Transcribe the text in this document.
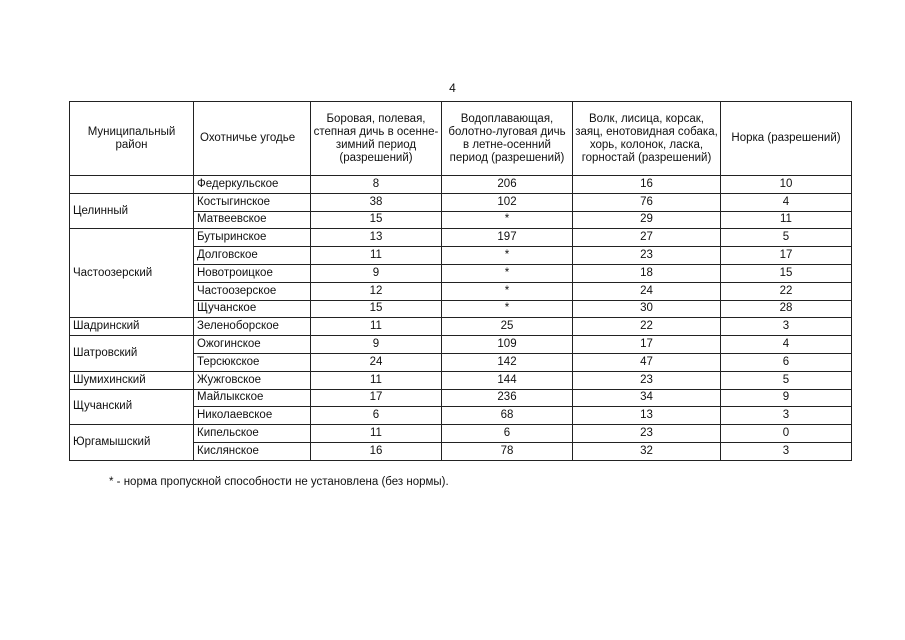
4
Муниципальный район	Охотничье угодье	Боровая, полевая, степная дичь в осенне-зимний период (разрешений)	Водоплавающая, болотно-луговая дичь в летне-осенний период (разрешений)	Волк, лисица, корсак, заяц, енотовидная собака, хорь, колонок, ласка, горностай (разрешений)	Норка (разрешений)
	Федеркульское	8	206	16	10
Целинный	Костыгинское	38	102	76	4
	Матвеевское	15	*	29	11
Частоозерский	Бутыринское	13	197	27	5
	Долговское	11	*	23	17
	Новотроицкое	9	*	18	15
	Частоозерское	12	*	24	22
	Щучанское	15	*	30	28
Шадринский	Зеленоборское	11	25	22	3
Шатровский	Ожогинское	9	109	17	4
	Терсюкское	24	142	47	6
Шумихинский	Жужговское	11	144	23	5
Щучанский	Майлыкское	17	236	34	9
	Николаевское	6	68	13	3
Юргамышский	Кипельское	11	6	23	0
	Кислянское	16	78	32	3
* - норма пропускной способности не установлена (без нормы).
